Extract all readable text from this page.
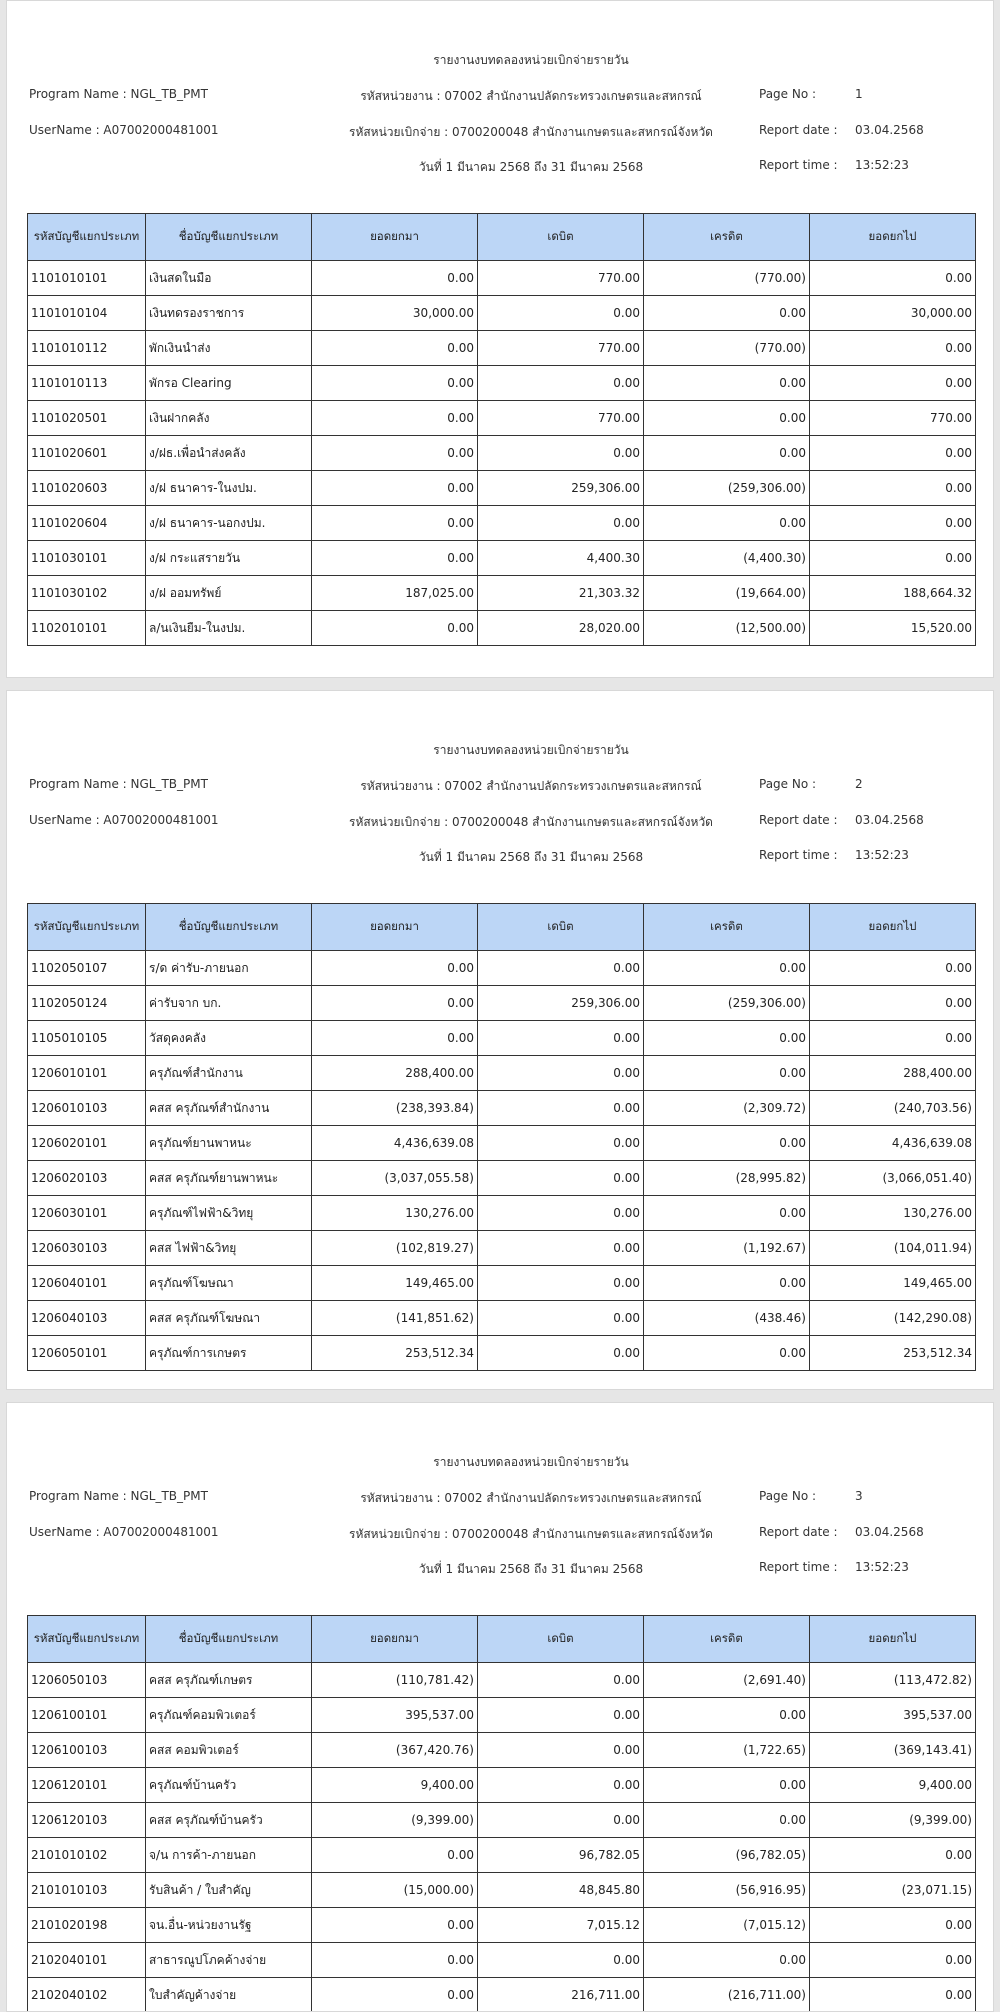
รายงานงบทดลองหน่วยเบิกจ่ายรายวัน
Program Name : NGL_TB_PMT	รหัสหน่วยงาน : 07002 สำนักงานปลัดกระทรวงเกษตรและสหกรณ์	Page No :	1
UserName : A07002000481001	รหัสหน่วยเบิกจ่าย : 0700200048 สำนักงานเกษตรและสหกรณ์จังหวัด	Report date : 03.04.2568
วันที่ 1 มีนาคม 2568 ถึง 31 มีนาคม 2568	Report time : 13:52:23
รหัสบัญชีแยกประเภท	ชื่อบัญชีแยกประเภท	ยอดยกมา	เดบิต	เครดิต	ยอดยกไป
1101010101	เงินสดในมือ	0.00	770.00	(770.00)	0.00
1101010104	เงินทดรองราชการ	30,000.00	0.00	0.00	30,000.00
1101010112	พักเงินนำส่ง	0.00	770.00	(770.00)	0.00
1101010113	พักรอ Clearing	0.00	0.00	0.00	0.00
1101020501	เงินฝากคลัง	0.00	770.00	0.00	770.00
1101020601	ง/ฝธ.เพื่อนำส่งคลัง	0.00	0.00	0.00	0.00
1101020603	ง/ฝ ธนาคาร-ในงปม.	0.00	259,306.00	(259,306.00)	0.00
1101020604	ง/ฝ ธนาคาร-นอกงปม.	0.00	0.00	0.00	0.00
1101030101	ง/ฝ กระแสรายวัน	0.00	4,400.30	(4,400.30)	0.00
1101030102	ง/ฝ ออมทรัพย์	187,025.00	21,303.32	(19,664.00)	188,664.32
1102010101	ล/นเงินยืม-ในงปม.	0.00	28,020.00	(12,500.00)	15,520.00
รายงานงบทดลองหน่วยเบิกจ่ายรายวัน
Program Name : NGL_TB_PMT	รหัสหน่วยงาน : 07002 สำนักงานปลัดกระทรวงเกษตรและสหกรณ์	Page No :	2
UserName : A07002000481001	รหัสหน่วยเบิกจ่าย : 0700200048 สำนักงานเกษตรและสหกรณ์จังหวัด	Report date : 03.04.2568
วันที่ 1 มีนาคม 2568 ถึง 31 มีนาคม 2568	Report time : 13:52:23
รหัสบัญชีแยกประเภท	ชื่อบัญชีแยกประเภท	ยอดยกมา	เดบิต	เครดิต	ยอดยกไป
1102050107	ร/ด ค่ารับ-ภายนอก	0.00	0.00	0.00	0.00
1102050124	ค่ารับจาก บก.	0.00	259,306.00	(259,306.00)	0.00
1105010105	วัสดุคงคลัง	0.00	0.00	0.00	0.00
1206010101	ครุภัณฑ์สำนักงาน	288,400.00	0.00	0.00	288,400.00
1206010103	คสส ครุภัณฑ์สำนักงาน	(238,393.84)	0.00	(2,309.72)	(240,703.56)
1206020101	ครุภัณฑ์ยานพาหนะ	4,436,639.08	0.00	0.00	4,436,639.08
1206020103	คสส ครุภัณฑ์ยานพาหนะ	(3,037,055.58)	0.00	(28,995.82)	(3,066,051.40)
1206030101	ครุภัณฑ์ไฟฟ้า&วิทยุ	130,276.00	0.00	0.00	130,276.00
1206030103	คสส ไฟฟ้า&วิทยุ	(102,819.27)	0.00	(1,192.67)	(104,011.94)
1206040101	ครุภัณฑ์โฆษณา	149,465.00	0.00	0.00	149,465.00
1206040103	คสส ครุภัณฑ์โฆษณา	(141,851.62)	0.00	(438.46)	(142,290.08)
1206050101	ครุภัณฑ์การเกษตร	253,512.34	0.00	0.00	253,512.34
รายงานงบทดลองหน่วยเบิกจ่ายรายวัน
Program Name : NGL_TB_PMT	รหัสหน่วยงาน : 07002 สำนักงานปลัดกระทรวงเกษตรและสหกรณ์	Page No :	3
UserName : A07002000481001	รหัสหน่วยเบิกจ่าย : 0700200048 สำนักงานเกษตรและสหกรณ์จังหวัด	Report date : 03.04.2568
วันที่ 1 มีนาคม 2568 ถึง 31 มีนาคม 2568	Report time : 13:52:23
รหัสบัญชีแยกประเภท	ชื่อบัญชีแยกประเภท	ยอดยกมา	เดบิต	เครดิต	ยอดยกไป
1206050103	คสส ครุภัณฑ์เกษตร	(110,781.42)	0.00	(2,691.40)	(113,472.82)
1206100101	ครุภัณฑ์คอมพิวเตอร์	395,537.00	0.00	0.00	395,537.00
1206100103	คสส คอมพิวเตอร์	(367,420.76)	0.00	(1,722.65)	(369,143.41)
1206120101	ครุภัณฑ์บ้านครัว	9,400.00	0.00	0.00	9,400.00
1206120103	คสส ครุภัณฑ์บ้านครัว	(9,399.00)	0.00	0.00	(9,399.00)
2101010102	จ/น การค้า-ภายนอก	0.00	96,782.05	(96,782.05)	0.00
2101010103	รับสินค้า / ใบสำคัญ	(15,000.00)	48,845.80	(56,916.95)	(23,071.15)
2101020198	จน.อื่น-หน่วยงานรัฐ	0.00	7,015.12	(7,015.12)	0.00
2102040101	สาธารณูปโภคค้างจ่าย	0.00	0.00	0.00	0.00
2102040102	ใบสำคัญค้างจ่าย	0.00	216,711.00	(216,711.00)	0.00
